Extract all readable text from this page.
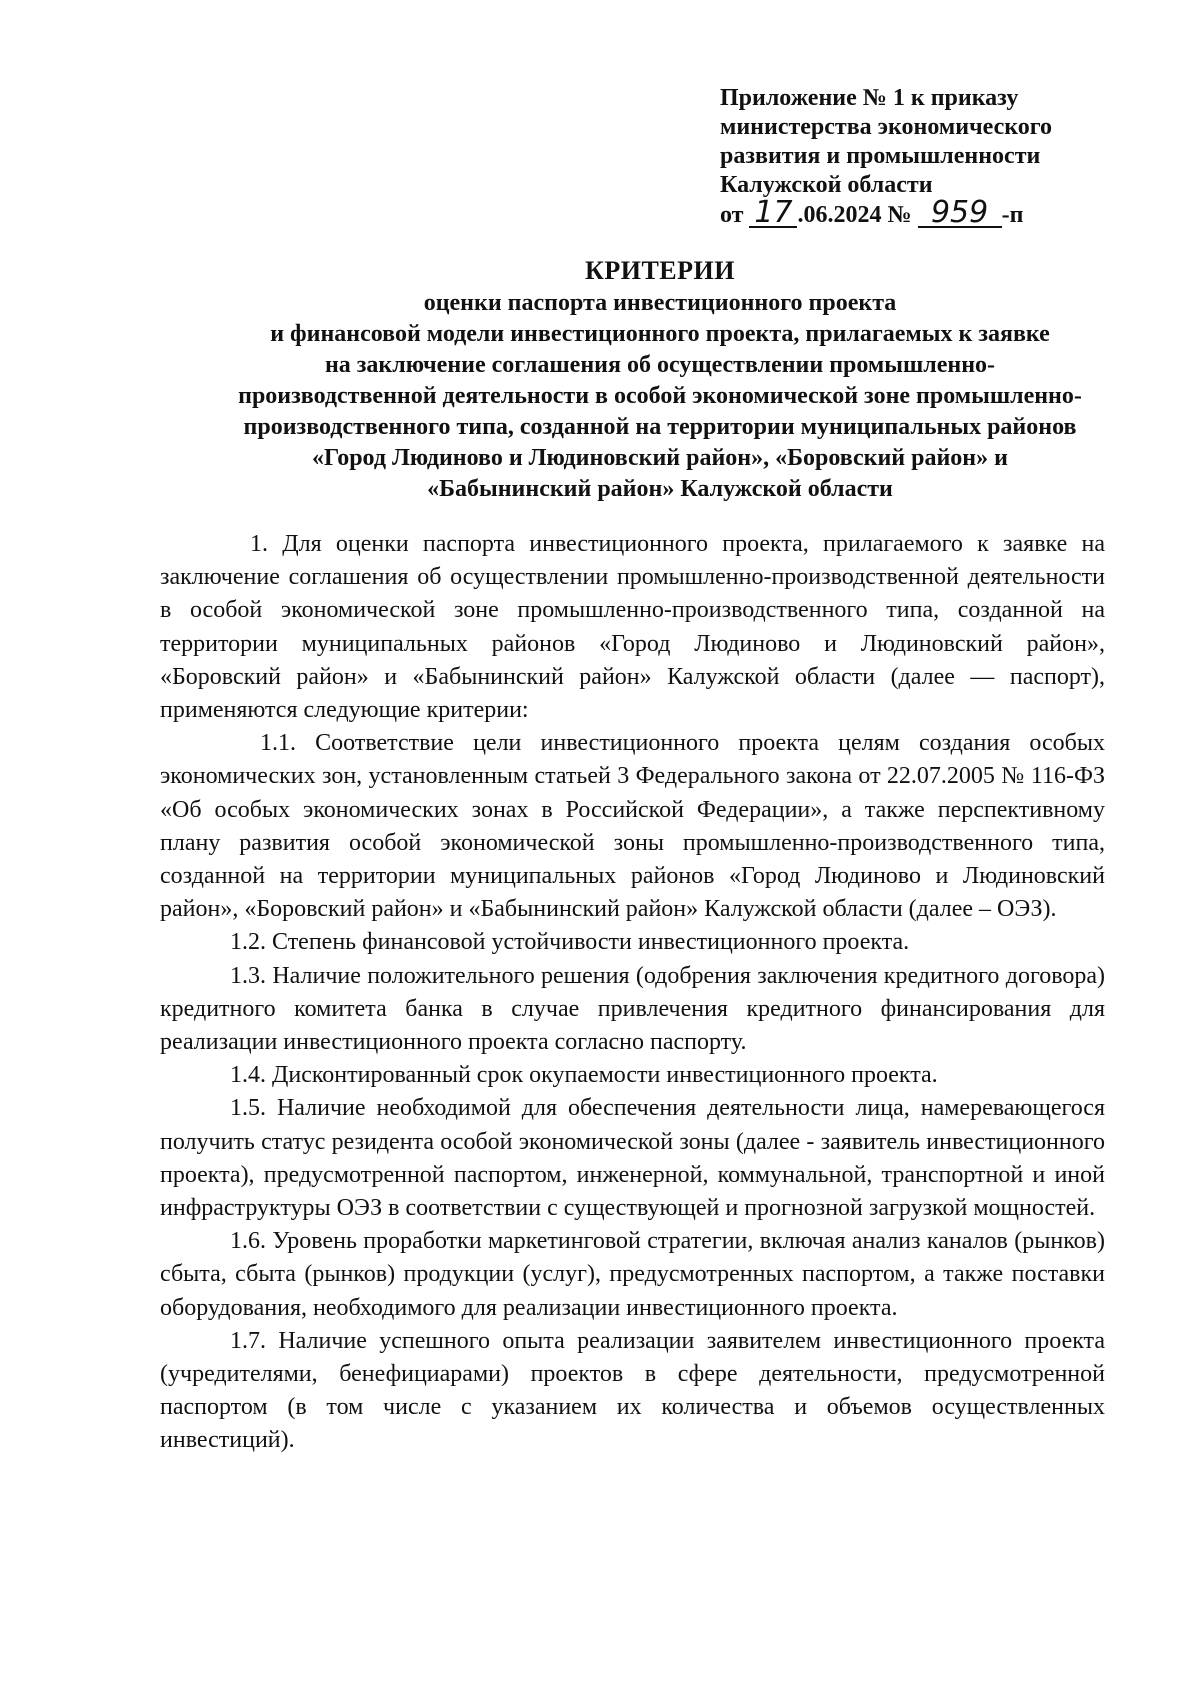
Приложение № 1 к приказу
министерства экономического
развития и промышленности
Калужской области
от 17 .06.2024 № 959 -п
КРИТЕРИИ
оценки паспорта инвестиционного проекта
и финансовой модели инвестиционного проекта, прилагаемых к заявке
на заключение соглашения об осуществлении промышленно-
производственной деятельности в особой экономической зоне промышленно-
производственного типа, созданной на территории муниципальных районов
«Город Людиново и Людиновский район», «Боровский район» и
«Бабынинский район» Калужской области

1. Для оценки паспорта инвестиционного проекта, прилагаемого к заявке на заключение соглашения об осуществлении промышленно-производственной деятельности в особой экономической зоне промышленно-производственного типа, созданной на территории муниципальных районов «Город Людиново и Людиновский район», «Боровский район» и «Бабынинский район» Калужской области (далее — паспорт), применяются следующие критерии:

1.1. Соответствие цели инвестиционного проекта целям создания особых экономических зон, установленным статьей 3 Федерального закона от 22.07.2005 № 116-ФЗ «Об особых экономических зонах в Российской Федерации», а также перспективному плану развития особой экономической зоны промышленно-производственного типа, созданной на территории муниципальных районов «Город Людиново и Людиновский район», «Боровский район» и «Бабынинский район» Калужской области (далее – ОЭЗ).

1.2. Степень финансовой устойчивости инвестиционного проекта.

1.3. Наличие положительного решения (одобрения заключения кредитного договора) кредитного комитета банка в случае привлечения кредитного финансирования для реализации инвестиционного проекта согласно паспорту.

1.4. Дисконтированный срок окупаемости инвестиционного проекта.

1.5. Наличие необходимой для обеспечения деятельности лица, намеревающегося получить статус резидента особой экономической зоны (далее - заявитель инвестиционного проекта), предусмотренной паспортом, инженерной, коммунальной, транспортной и иной инфраструктуры ОЭЗ в соответствии с существующей и прогнозной загрузкой мощностей.

1.6. Уровень проработки маркетинговой стратегии, включая анализ каналов (рынков) сбыта, сбыта (рынков) продукции (услуг), предусмотренных паспортом, а также поставки оборудования, необходимого для реализации инвестиционного проекта.

1.7. Наличие успешного опыта реализации заявителем инвестиционного проекта (учредителями, бенефициарами) проектов в сфере деятельности, предусмотренной паспортом (в том числе с указанием их количества и объемов осуществленных инвестиций).
